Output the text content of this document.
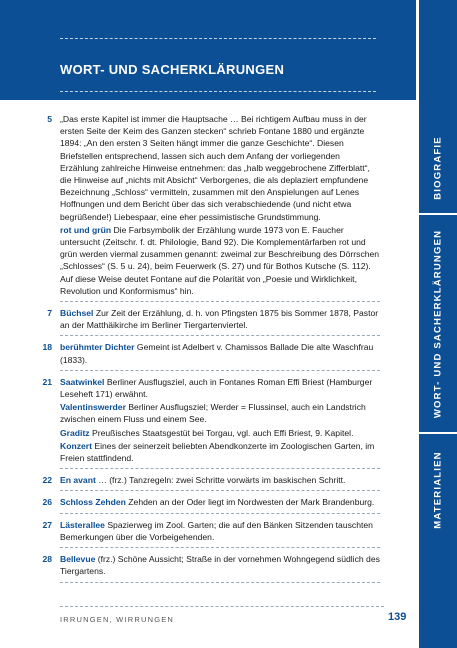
WORT- UND SACHERKLÄRUNGEN
BIOGRAFIE
WORT- UND SACHERKLÄRUNGEN
MATERIALIEN
5 „Das erste Kapitel ist immer die Hauptsache … Bei richtigem Aufbau muss in der ersten Seite der Keim des Ganzen stecken“ schrieb Fontane 1880 und ergänzte 1894: „An den ersten 3 Seiten hängt immer die ganze Geschichte“. Diesen Briefstellen entsprechend, lassen sich auch dem Anfang der vorliegenden Erzählung zahlreiche Hinweise entnehmen: das „halb weggebrochene Zifferblatt“, die Hinweise auf „nichts mit Absicht“ Verborgenes, die als deplaziert empfundene Bezeichnung „Schloss“ vermitteln, zusammen mit den Anspielungen auf Lenes Hoffnungen und dem Bericht über das sich verabschiedende (und nicht etwa begrüßende!) Liebespaar, eine eher pessimistische Grundstimmung.
rot und grün Die Farbsymbolik der Erzählung wurde 1973 von E. Faucher untersucht (Zeitschr. f. dt. Philologie, Band 92). Die Komplementärfarben rot und grün werden viermal zusammen genannt: zweimal zur Beschreibung des Dörrschen „Schlosses“ (S. 5 u. 24), beim Feuerwerk (S. 27) und für Bothos Kutsche (S. 112). Auf diese Weise deutet Fontane auf die Polarität von „Poesie und Wirklichkeit, Revolution und Konformismus“ hin.
7 Büchsel Zur Zeit der Erzählung, d. h. von Pfingsten 1875 bis Sommer 1878, Pastor an der Matthäikirche im Berliner Tiergartenviertel.
18 berühmter Dichter Gemeint ist Adelbert v. Chamissos Ballade Die alte Waschfrau (1833).
21 Saatwinkel Berliner Ausflugsziel, auch in Fontanes Roman Effi Briest (Hamburger Leseheft 171) erwähnt.
Valentinswerder Berliner Ausflugsziel; Werder = Flussinsel, auch ein Landstrich zwischen einem Fluss und einem See.
Graditz Preußisches Staatsgestüt bei Torgau, vgl. auch Effi Briest, 9. Kapitel.
Konzert Eines der seinerzeit beliebten Abendkonzerte im Zoologischen Garten, im Freien stattfindend.
22 En avant … (frz.) Tanzregeln: zwei Schritte vorwärts im baskischen Schritt.
26 Schloss Zehden Zehden an der Oder liegt im Nordwesten der Mark Brandenburg.
27 Lästerallee Spazierweg im Zool. Garten; die auf den Bänken Sitzenden tauschten Bemerkungen über die Vorbeigehenden.
28 Bellevue (frz.) Schöne Aussicht; Straße in der vornehmen Wohngegend südlich des Tiergartens.
IRRUNGEN, WIRRUNGEN	139
